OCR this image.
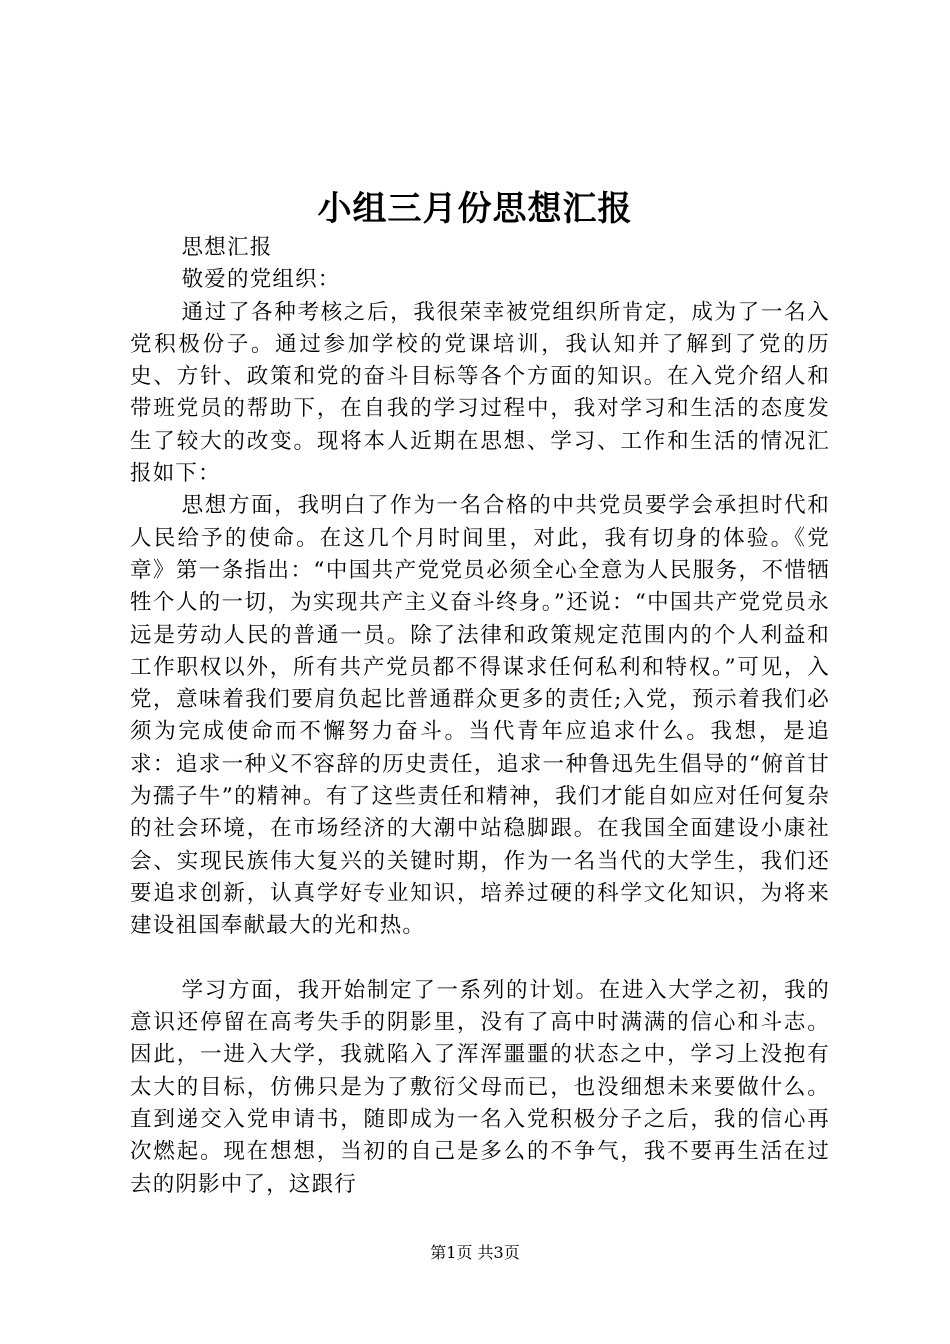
小组三月份思想汇报

思想汇报

敬爱的党组织：

通过了各种考核之后，我很荣幸被党组织所肯定，成为了一名入党积极份子。通过参加学校的党课培训，我认知并了解到了党的历史、方针、政策和党的奋斗目标等各个方面的知识。在入党介绍人和带班党员的帮助下，在自我的学习过程中，我对学习和生活的态度发生了较大的改变。现将本人近期在思想、学习、工作和生活的情况汇报如下：

思想方面，我明白了作为一名合格的中共党员要学会承担时代和人民给予的使命。在这几个月时间里，对此，我有切身的体验。《党章》第一条指出：“中国共产党党员必须全心全意为人民服务，不惜牺牲个人的一切，为实现共产主义奋斗终身。”还说：“中国共产党党员永远是劳动人民的普通一员。除了法律和政策规定范围内的个人利益和工作职权以外，所有共产党员都不得谋求任何私利和特权。”可见，入党，意味着我们要肩负起比普通群众更多的责任;入党，预示着我们必须为完成使命而不懈努力奋斗。当代青年应追求什么。我想，是追求：追求一种义不容辞的历史责任，追求一种鲁迅先生倡导的“俯首甘为孺子牛”的精神。有了这些责任和精神，我们才能自如应对任何复杂的社会环境，在市场经济的大潮中站稳脚跟。在我国全面建设小康社会、实现民族伟大复兴的关键时期，作为一名当代的大学生，我们还要追求创新，认真学好专业知识，培养过硬的科学文化知识，为将来建设祖国奉献最大的光和热。

学习方面，我开始制定了一系列的计划。在进入大学之初，我的意识还停留在高考失手的阴影里，没有了高中时满满的信心和斗志。因此，一进入大学，我就陷入了浑浑噩噩的状态之中，学习上没抱有太大的目标，仿佛只是为了敷衍父母而已，也没细想未来要做什么。直到递交入党申请书，随即成为一名入党积极分子之后，我的信心再次燃起。现在想想，当初的自己是多么的不争气，我不要再生活在过去的阴影中了，这跟行

第1页 共3页
